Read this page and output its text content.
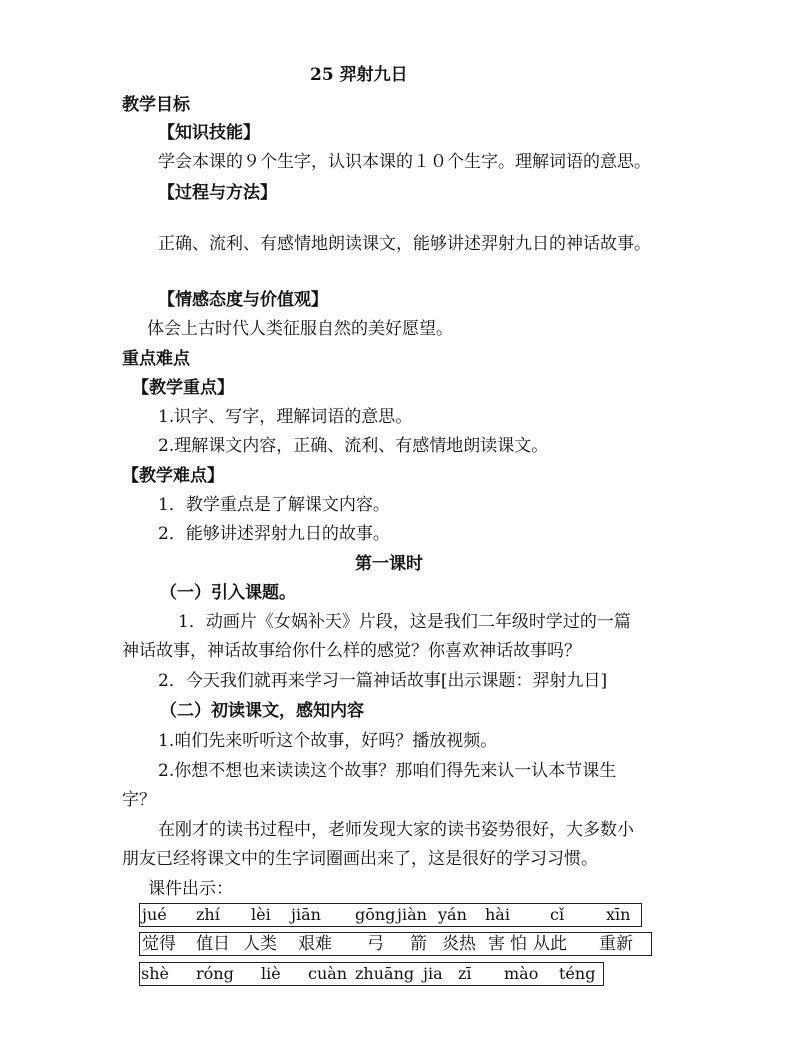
25 羿射九日
教学目标
【知识技能】
学会本课的９个生字，认识本课的１０个生字。理解词语的意思。
【过程与方法】
正确、流利、有感情地朗读课文，能够讲述羿射九日的神话故事。
【情感态度与价值观】
体会上古时代人类征服自然的美好愿望。
重点难点
【教学重点】
1.识字、写字，理解词语的意思。
2.理解课文内容，正确、流利、有感情地朗读课文。
【教学难点】
1．教学重点是了解课文内容。
2．能够讲述羿射九日的故事。
第一课时
（一）引入课题。
1．动画片《女娲补天》片段，这是我们二年级时学过的一篇
神话故事，神话故事给你什么样的感觉？你喜欢神话故事吗？
2．今天我们就再来学习一篇神话故事[出示课题：羿射九日]
（二）初读课文，感知内容
1.咱们先来听听这个故事，好吗？播放视频。
2.你想不想也来读读这个故事？那咱们得先来认一认本节课生
字？
在刚才的读书过程中，老师发现大家的读书姿势很好，大多数小
朋友已经将课文中的生字词圈画出来了，这是很好的学习习惯。
课件出示：
jué zhí lèi jiān gōng jiàn yán hài	cǐ	xīn
觉得 值日 人类 艰难 弓 箭 炎热 害 怕 从此 重新
shè róng liè cuàn zhuāng jia zī mào téng
